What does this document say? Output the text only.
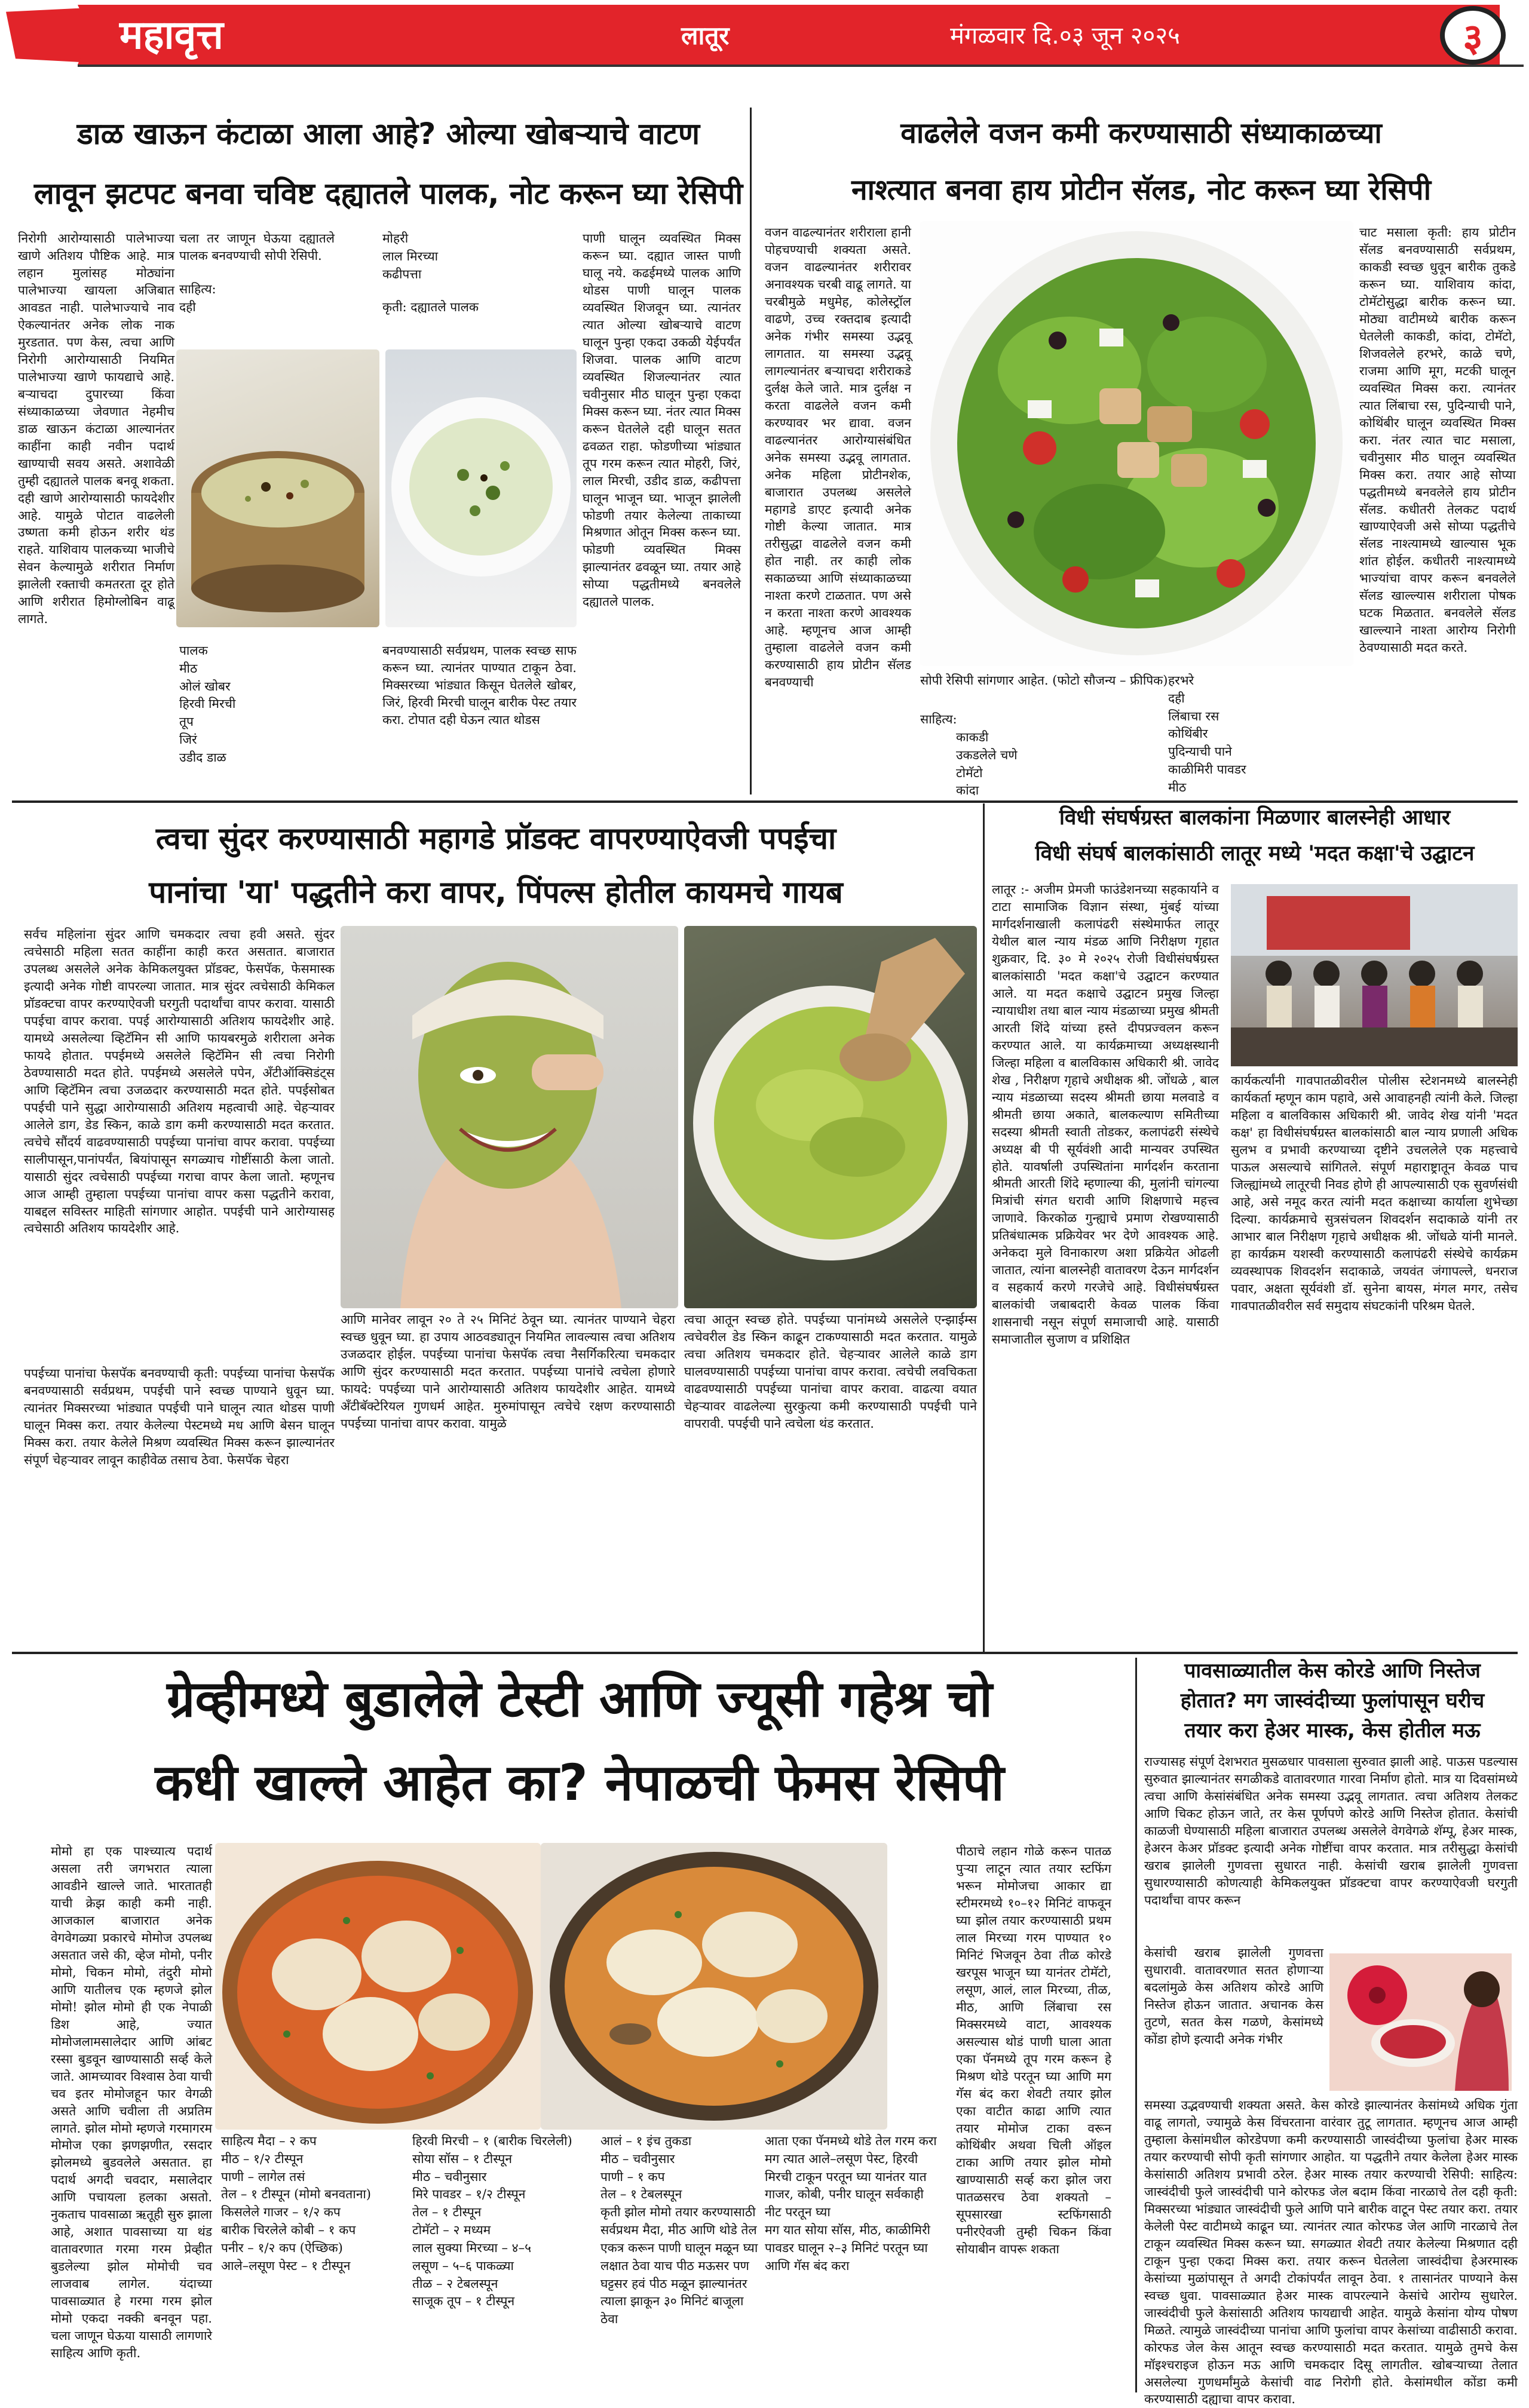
महावृत्त	लातूर	मंगळवार दि.०३ जून २०२५	३
डाळ खाऊन कंटाळा आला आहे? ओल्या खोबऱ्याचे वाटण
लावून झटपट बनवा चविष्ट दह्यातले पालक, नोट करून घ्या रेसिपी
निरोगी आरोग्यासाठी पालेभाज्या खाणे अतिशय पौष्टिक आहे. मात्र लहान मुलांसह मोठ्यांना पालेभाज्या खायला अजिबात आवडत नाही. पालेभाज्याचे नाव ऐकल्यानंतर अनेक लोक नाक मुरडतात. पण केस, त्वचा आणि निरोगी आरोग्यासाठी नियमित पालेभाज्या खाणे फायद्याचे आहे. बऱ्याचदा दुपारच्या किंवा संध्याकाळच्या जेवणात नेहमीच डाळ खाऊन कंटाळा आल्यानंतर काहींना काही नवीन पदार्थ खाण्याची सवय असते. अशावेळी तुम्ही दह्यातले पालक बनवू शकता. दही खाणे आरोग्यासाठी फायदेशीर आहे. यामुळे पोटात वाढलेली उष्णता कमी होऊन शरीर थंड राहते. याशिवाय पालकच्या भाजीचे सेवन केल्यामुळे शरीरात निर्माण झालेली रक्ताची कमतरता दूर होते आणि शरीरात हिमोग्लोबिन वाढू लागते.
चला तर जाणून घेऊया दह्यातले पालक बनवण्याची सोपी रेसिपी.
साहित्य:
दही
मोहरी
लाल मिरच्या
कढीपत्ता
कृती: दह्यातले पालक
पाणी घालून व्यवस्थित मिक्स करून घ्या. दह्यात जास्त पाणी घालू नये. कढईमध्ये पालक आणि थोडस पाणी घालून पालक व्यवस्थित शिजवून घ्या. त्यानंतर त्यात ओल्या खोबऱ्याचे वाटण घालून पुन्हा एकदा उकळी येईपर्यंत शिजवा. पालक आणि वाटण व्यवस्थित शिजल्यानंतर त्यात चवीनुसार मीठ घालून पुन्हा एकदा मिक्स करून घ्या. नंतर त्यात मिक्स करून घेतलेले दही घालून सतत ढवळत राहा. फोडणीच्या भांड्यात तूप गरम करून त्यात मोहरी, जिरं, लाल मिरची, उडीद डाळ, कढीपत्ता घालून भाजून घ्या. भाजून झालेली फोडणी तयार केलेल्या ताकाच्या मिश्रणात ओतून मिक्स करून घ्या. फोडणी व्यवस्थित मिक्स झाल्यानंतर ढवळून घ्या. तयार आहे सोप्या पद्धतीमध्ये बनवलेले दह्यातले पालक.
पालक
मीठ
ओलं खोबर
हिरवी मिरची
तूप
जिरं
उडीद डाळ
बनवण्यासाठी सर्वप्रथम, पालक स्वच्छ साफ करून घ्या. त्यानंतर पाण्यात टाकून ठेवा. मिक्सरच्या भांड्यात किसून घेतलेले खोबर, जिरं, हिरवी मिरची घालून बारीक पेस्ट तयार करा. टोपात दही घेऊन त्यात थोडस
वाढलेले वजन कमी करण्यासाठी संध्याकाळच्या
नाश्त्यात बनवा हाय प्रोटीन सॅलड, नोट करून घ्या रेसिपी
वजन वाढल्यानंतर शरीराला हानी पोहचण्याची शक्यता असते. वजन वाढल्यानंतर शरीरावर अनावश्यक चरबी वाढू लागते. या चरबीमुळे मधुमेह, कोलेस्ट्रॉल वाढणे, उच्च रक्तदाब इत्यादी अनेक गंभीर समस्या उद्भवू लागतात. या समस्या उद्भवू लागल्यानंतर बऱ्याचदा शरीराकडे दुर्लक्ष केले जाते. मात्र दुर्लक्ष न करता वाढलेले वजन कमी करण्यावर भर द्यावा. वजन वाढल्यानंतर आरोग्यासंबंधित अनेक समस्या उद्भवू लागतात. अनेक महिला प्रोटीनशेक, बाजारात उपलब्ध असलेले महागडे डाएट इत्यादी अनेक गोष्टी केल्या जातात. मात्र तरीसुद्धा वाढलेले वजन कमी होत नाही. तर काही लोक सकाळच्या आणि संध्याकाळच्या नाश्ता करणे टाळतात. पण असे न करता नाश्ता करणे आवश्यक आहे. म्हणूनच आज आम्ही तुम्हाला वाढलेले वजन कमी करण्यासाठी हाय प्रोटीन सॅलड बनवण्याची	सोपी रेसिपी सांगणार आहेत. (फोटो सौजन्य – फ्रीपिक)
साहित्य:
काकडी
उकडलेले चणे
टोमॅटो
कांदा
हरभरे
दही
लिंबाचा रस
कोथिंबीर
पुदिन्याची पाने
काळीमिरी पावडर
मीठ
चाट मसाला कृती: हाय प्रोटीन सॅलड बनवण्यासाठी सर्वप्रथम, काकडी स्वच्छ धुवून बारीक तुकडे करून घ्या. याशिवाय कांदा, टोमॅटोसुद्धा बारीक करून घ्या. मोठ्या वाटीमध्ये बारीक करून घेतलेली काकडी, कांदा, टोमॅटो, शिजवलेले हरभरे, काळे चणे, राजमा आणि मूग, मटकी घालून व्यवस्थित मिक्स करा. त्यानंतर त्यात लिंबाचा रस, पुदिन्याची पाने, कोथिंबीर घालून व्यवस्थित मिक्स करा. नंतर त्यात चाट मसाला, चवीनुसार मीठ घालून व्यवस्थित मिक्स करा. तयार आहे सोप्या पद्धतीमध्ये बनवलेले हाय प्रोटीन सॅलड. कधीतरी तेलकट पदार्थ खाण्याऐवजी असे सोप्या पद्धतीचे सॅलड नाश्त्यामध्ये खाल्यास भूक शांत होईल. कधीतरी नाश्त्यामध्ये भाज्यांचा वापर करून बनवलेले सॅलड खाल्ल्यास शरीराला पोषक घटक मिळतात. बनवलेले सॅलड खाल्ल्याने नाश्ता आरोग्य निरोगी ठेवण्यासाठी मदत करते.
त्वचा सुंदर करण्यासाठी महागडे प्रॉडक्ट वापरण्याऐवजी पपईचा
पानांचा 'या' पद्धतीने करा वापर, पिंपल्स होतील कायमचे गायब
सर्वच महिलांना सुंदर आणि चमकदार त्वचा हवी असते. सुंदर त्वचेसाठी महिला सतत काहींना काही करत असतात. बाजारात उपलब्ध असलेले अनेक केमिकलयुक्त प्रॉडक्ट, फेसपॅक, फेसमास्क इत्यादी अनेक गोष्टी वापरल्या जातात. मात्र सुंदर त्वचेसाठी केमिकल प्रॉडक्टचा वापर करण्याऐवजी घरगुती पदार्थांचा वापर करावा. यासाठी पपईचा वापर करावा. पपई आरोग्यासाठी अतिशय फायदेशीर आहे. यामध्ये असलेल्या व्हिटॅमिन सी आणि फायबरमुळे शरीराला अनेक फायदे होतात. पपईमध्ये असलेले व्हिटॅमिन सी त्वचा निरोगी ठेवण्यासाठी मदत होते. पपईमध्ये असलेले पपेन, अँटीऑक्सिडंट्स आणि व्हिटॅमिन त्वचा उजळदार करण्यासाठी मदत होते. पपईसोबत पपईची पाने सुद्धा आरोग्यासाठी अतिशय महत्वाची आहे. चेहऱ्यावर आलेले डाग, डेड स्किन, काळे डाग कमी करण्यासाठी मदत करतात. त्वचेचे सौंदर्य वाढवण्यासाठी पपईच्या पानांचा वापर करावा. पपईच्या सालीपासून,पानांपर्यंत, बियांपासून सगळ्याच गोष्टींसाठी केला जातो. यासाठी सुंदर त्वचेसाठी पपईच्या गराचा वापर केला जातो. म्हणूनच आज आम्ही तुम्हाला पपईच्या पानांचा वापर कसा पद्धतीने करावा, याबद्दल सविस्तर माहिती सांगणार आहोत. पपईची पाने आरोग्यासह त्वचेसाठी अतिशय फायदेशीर आहे.
पपईच्या पानांचा फेसपॅक बनवण्याची कृती: पपईच्या पानांचा फेसपॅक बनवण्यासाठी सर्वप्रथम, पपईची पाने स्वच्छ पाण्याने धुवून घ्या. त्यानंतर मिक्सरच्या भांड्यात पपईची पाने घालून त्यात थोडस पाणी घालून मिक्स करा. तयार केलेल्या पेस्टमध्ये मध आणि बेसन घालून मिक्स करा. तयार केलेले मिश्रण व्यवस्थित मिक्स करून झाल्यानंतर संपूर्ण चेहऱ्यावर लावून काहीवेळ तसाच ठेवा. फेसपॅक चेहरा
आणि मानेवर लावून २० ते २५ मिनिटं ठेवून घ्या. त्यानंतर पाण्याने चेहरा स्वच्छ धुवून घ्या. हा उपाय आठवड्यातून नियमित लावल्यास त्वचा अतिशय उजळदार होईल. पपईच्या पानांचा फेसपॅक त्वचा नैसर्गिकरित्या चमकदार आणि सुंदर करण्यासाठी मदत करतात. पपईच्या पानांचे त्वचेला होणारे फायदे: पपईच्या पाने आरोग्यासाठी अतिशय फायदेशीर आहेत. यामध्ये अँटीबॅक्टेरियल गुणधर्म आहेत. मुरुमांपासून त्वचेचे रक्षण करण्यासाठी पपईच्या पानांचा वापर करावा. यामुळे
त्वचा आतून स्वच्छ होते. पपईच्या पानांमध्ये असलेले एन्झाईम्स त्वचेवरील डेड स्किन काढून टाकण्यासाठी मदत करतात. यामुळे त्वचा अतिशय चमकदार होते. चेहऱ्यावर आलेले काळे डाग घालवण्यासाठी पपईच्या पानांचा वापर करावा. त्वचेची लवचिकता वाढवण्यासाठी पपईच्या पानांचा वापर करावा. वाढत्या वयात चेहऱ्यावर वाढलेल्या सुरकुत्या कमी करण्यासाठी पपईची पाने वापरावी. पपईची पाने त्वचेला थंड करतात.
विधी संघर्षग्रस्त बालकांना मिळणार बालस्नेही आधार
विधी संघर्ष बालकांसाठी लातूर मध्ये 'मदत कक्षा'चे उद्घाटन
लातूर :- अजीम प्रेमजी फाउंडेशनच्या सहकार्याने व टाटा सामाजिक विज्ञान संस्था, मुंबई यांच्या मार्गदर्शनाखाली कलापंढरी संस्थेमार्फत लातूर येथील बाल न्याय मंडळ आणि निरीक्षण गृहात शुक्रवार, दि. ३० मे २०२५ रोजी विधीसंघर्षग्रस्त बालकांसाठी 'मदत कक्षा'चे उद्घाटन करण्यात आले. या मदत कक्षाचे उद्घाटन प्रमुख जिल्हा न्यायाधीश तथा बाल न्याय मंडळाच्या प्रमुख श्रीमती आरती शिंदे यांच्या हस्ते दीपप्रज्वलन करून करण्यात आले. या कार्यक्रमाच्या अध्यक्षस्थानी जिल्हा महिला व बालविकास अधिकारी श्री. जावेद शेख , निरीक्षण गृहाचे अधीक्षक श्री. जोंधळे , बाल न्याय मंडळाच्या सदस्य श्रीमती छाया मलवाडे व श्रीमती छाया अकाते, बालकल्याण समितीच्या सदस्या श्रीमती स्वाती तोडकर, कलापंढरी संस्थेचे अध्यक्ष बी पी सूर्यवंशी आदी मान्यवर उपस्थित होते. यावर्षाली उपस्थितांना मार्गदर्शन करताना श्रीमती आरती शिंदे म्हणाल्या की, मुलांनी चांगल्या मित्रांची संगत धरावी आणि शिक्षणाचे महत्त्व जाणावे. किरकोळ गुन्ह्याचे प्रमाण रोखण्यासाठी प्रतिबंधात्मक प्रक्रियेवर भर देणे आवश्यक आहे. अनेकदा मुले विनाकारण अशा प्रक्रियेत ओढली जातात, त्यांना बालस्नेही वातावरण देऊन मार्गदर्शन व सहकार्य करणे गरजेचे आहे. विधीसंघर्षग्रस्त बालकांची जबाबदारी केवळ पालक किंवा शासनाची नसून संपूर्ण समाजाची आहे. यासाठी समाजातील सुजाण व प्रशिक्षित
कार्यकर्त्यांनी गावपातळीवरील पोलीस स्टेशनमध्ये बालस्नेही कार्यकर्ता म्हणून काम पहावे, असे आवाहनही त्यांनी केले. जिल्हा महिला व बालविकास अधिकारी श्री. जावेद शेख यांनी 'मदत कक्ष' हा विधीसंघर्षग्रस्त बालकांसाठी बाल न्याय प्रणाली अधिक सुलभ व प्रभावी करण्याच्या दृष्टीने उचललेले एक महत्त्वाचे पाऊल असल्याचे सांगितले. संपूर्ण महाराष्ट्रातून केवळ पाच जिल्ह्यांमध्ये लातूरची निवड होणे ही आपल्यासाठी एक सुवर्णसंधी आहे, असे नमूद करत त्यांनी मदत कक्षाच्या कार्याला शुभेच्छा दिल्या. कार्यक्रमाचे सुत्रसंचलन शिवदर्शन सदाकाळे यांनी तर आभार बाल निरीक्षण गृहाचे अधीक्षक श्री. जोंधळे यांनी मानले. हा कार्यक्रम यशस्वी करण्यासाठी कलापंढरी संस्थेचे कार्यक्रम व्यवस्थापक शिवदर्शन सदाकाळे, जयवंत जंगापल्ले, धनराज पवार, अक्षता सूर्यवंशी डॉ. सुनेना बायस, मंगल मगर, तसेच गावपातळीवरील सर्व समुदाय संघटकांनी परिश्रम घेतले.
ग्रेव्हीमध्ये बुडालेले टेस्टी आणि ज्यूसी गहेश्र चो
कधी खाल्ले आहेत का? नेपाळची फेमस रेसिपी
मोमो हा एक पाश्च्यात्य पदार्थ असला तरी जगभरात त्याला आवडीने खाल्ले जाते. भारतातही याची क्रेझ काही कमी नाही. आजकाल बाजारात अनेक वेगवेगळ्या प्रकारचे मोमोज उपलब्ध असतात जसे की, व्हेज मोमो, पनीर मोमो, चिकन मोमो, तंदुरी मोमो आणि यातीलच एक म्हणजे झोल मोमो! झोल मोमो ही एक नेपाळी डिश आहे, ज्यात मोमोजलामसालेदार आणि आंबट रस्सा बुडवून खाण्यासाठी सर्व्ह केले जाते. आमच्यावर विश्वास ठेवा याची चव इतर मोमोजहून फार वेगळी असते आणि चवीला ती अप्रतिम लागते. झोल मोमो म्हणजे गरमागरम मोमोज एका झणझणीत, रसदार झोलमध्ये बुडवलेले असतात. हा पदार्थ अगदी चवदार, मसालेदार आणि पचायला हलका असतो. नुकताच पावसाळा ऋतूही सुरु झाला आहे, अशात पावसाच्या या थंड वातावरणात गरमा गरम प्रेव्हीत बुडलेल्या झोल मोमोची चव लाजवाब लागेल. यंदाच्या पावसाळ्यात हे गरमा गरम झोल मोमो एकदा नक्की बनवून पहा. चला जाणून घेऊया यासाठी लागणारे साहित्य आणि कृती.
साहित्य मैदा – २ कप
मीठ – १/२ टीस्पून
पाणी – लागेल तसं
तेल – १ टीस्पून (मोमो बनवताना)
किसलेले गाजर – १/२ कप
बारीक चिरलेले कोबी – १ कप
पनीर – १/२ कप (ऐच्छिक)
आले–लसूण पेस्ट – १ टीस्पून
हिरवी मिरची – १ (बारीक चिरलेली)
सोया सॉस – १ टीस्पून
मीठ – चवीनुसार
मिरे पावडर – १/२ टीस्पून
तेल – १ टीस्पून
टोमॅटो – २ मध्यम
लाल सुक्या मिरच्या – ४–५
लसूण – ५–६ पाकळ्या
तीळ – २ टेबलस्पून
साजूक तूप – १ टीस्पून
आलं – १ इंच तुकडा
मीठ – चवीनुसार
पाणी – १ कप
तेल – १ टेबलस्पून
कृती झोल मोमो तयार करण्यासाठी सर्वप्रथम मैदा, मीठ आणि थोडे तेल एकत्र करून पाणी घालून मळून घ्या लक्षात ठेवा याच पीठ मऊसर पण घट्टसर हवं पीठ मळून झाल्यानंतर त्याला झाकून ३० मिनिटं बाजूला ठेवा
पीठाचे लहान गोळे करून पातळ पुऱ्या लाटून त्यात तयार स्टफिंग भरून मोमोजचा आकार द्या स्टीमरमध्ये १०–१२ मिनिटं वाफवून घ्या झोल तयार करण्यासाठी प्रथम लाल मिरच्या गरम पाण्यात १० मिनिटं भिजवून ठेवा तीळ कोरडे खरपूस भाजून घ्या यानंतर टोमॅटो, लसूण, आलं, लाल मिरच्या, तीळ, मीठ, आणि लिंबाचा रस मिक्सरमध्ये वाटा, आवश्यक असल्यास थोडं पाणी घाला आता एका पॅनमध्ये तूप गरम करून हे मिश्रण थोडे परतून घ्या आणि मग गॅस बंद करा शेवटी तयार झोल एका वाटीत काढा आणि त्यात तयार मोमोज टाका वरून कोथिंबीर अथवा चिली ऑइल टाका आणि तयार झोल मोमो खाण्यासाठी सर्व्ह करा झोल जरा पातळसरच ठेवा शक्यतो – सूपसारखा स्टफिंगसाठी पनीरऐवजी तुम्ही चिकन किंवा सोयाबीन वापरू शकता
आता एका पॅनमध्ये थोडे तेल गरम करा
मग त्यात आले–लसूण पेस्ट, हिरवी मिरची टाकून परतून घ्या यानंतर यात गाजर, कोबी, पनीर घालून सर्वकाही नीट परतून घ्या
मग यात सोया सॉस, मीठ, काळीमिरी पावडर घालून २–३ मिनिटं परतून घ्या आणि गॅस बंद करा
पावसाळ्यातील केस कोरडे आणि निस्तेज
होतात? मग जास्वंदीच्या फुलांपासून घरीच
तयार करा हेअर मास्क, केस होतील मऊ
राज्यासह संपूर्ण देशभरात मुसळधार पावसाला सुरुवात झाली आहे. पाऊस पडल्यास सुरुवात झाल्यानंतर सगळीकडे वातावरणात गारवा निर्माण होतो. मात्र या दिवसांमध्ये त्वचा आणि केसांसंबंधित अनेक समस्या उद्भवू लागतात. त्वचा अतिशय तेलकट आणि चिकट होऊन जाते, तर केस पूर्णपणे कोरडे आणि निस्तेज होतात. केसांची काळजी घेण्यासाठी महिला बाजारात उपलब्ध असलेले वेगवेगळे शॅम्पू, हेअर मास्क, हेअरन केअर प्रॉडक्ट इत्यादी अनेक गोष्टींचा वापर करतात. मात्र तरीसुद्धा केसांची खराब झालेली गुणवत्ता सुधारत नाही. केसांची खराब झालेली गुणवत्ता सुधारण्यासाठी कोणत्याही केमिकलयुक्त प्रॉडक्टचा वापर करण्याऐवजी घरगुती पदार्थांचा वापर करून
केसांची खराब झालेली गुणवत्ता सुधारावी. वातावरणात सतत होणाऱ्या बदलांमुळे केस अतिशय कोरडे आणि निस्तेज होऊन जातात. अचानक केस तुटणे, सतत केस गळणे, केसांमध्ये कोंडा होणे इत्यादी अनेक गंभीर
समस्या उद्भवण्याची शक्यता असते. केस कोरडे झाल्यानंतर केसांमध्ये अधिक गुंता वाढू लागतो, ज्यामुळे केस विंचरताना वारंवार तुटू लागतात. म्हणूनच आज आम्ही तुम्हाला केसांमधील कोरडेपणा कमी करण्यासाठी जास्वंदीच्या फुलांचा हेअर मास्क तयार करण्याची सोपी कृती सांगणार आहोत. या पद्धतीने तयार केलेला हेअर मास्क केसांसाठी अतिशय प्रभावी ठरेल. हेअर मास्क तयार करण्याची रेसिपी: साहित्य: जास्वंदीची फुले जास्वंदीची पाने कोरफड जेल बदाम किंवा नारळाचे तेल दही कृती: मिक्सरच्या भांड्यात जास्वंदीची फुले आणि पाने बारीक वाटून पेस्ट तयार करा. तयार केलेली पेस्ट वाटीमध्ये काढून घ्या. त्यानंतर त्यात कोरफड जेल आणि नारळाचे तेल टाकून व्यवस्थित मिक्स करून घ्या. सगळ्यात शेवटी तयार केलेल्या मिश्रणात दही टाकून पुन्हा एकदा मिक्स करा. तयार करून घेतलेला जास्वंदीचा हेअरमास्क केसांच्या मुळांपासून ते अगदी टोकांपर्यंत लावून ठेवा. १ तासानंतर पाण्याने केस स्वच्छ धुवा. पावसाळ्यात हेअर मास्क वापरल्याने केसांचे आरोग्य सुधारेल. जास्वंदीची फुले केसांसाठी अतिशय फायद्याची आहेत. यामुळे केसांना योग्य पोषण मिळते. त्यामुळे जास्वंदीच्या पानांचा आणि फुलांचा वापर केसांच्या वाढीसाठी करावा. कोरफड जेल केस आतून स्वच्छ करण्यासाठी मदत करतात. यामुळे तुमचे केस मॉइश्चराइज होऊन मऊ आणि चमकदार दिसू लागतील. खोबऱ्याच्या तेलात असलेल्या गुणधर्मांमुळे केसांची वाढ निरोगी होते. केसांमधील कोंडा कमी करण्यासाठी दह्याचा वापर करावा.
